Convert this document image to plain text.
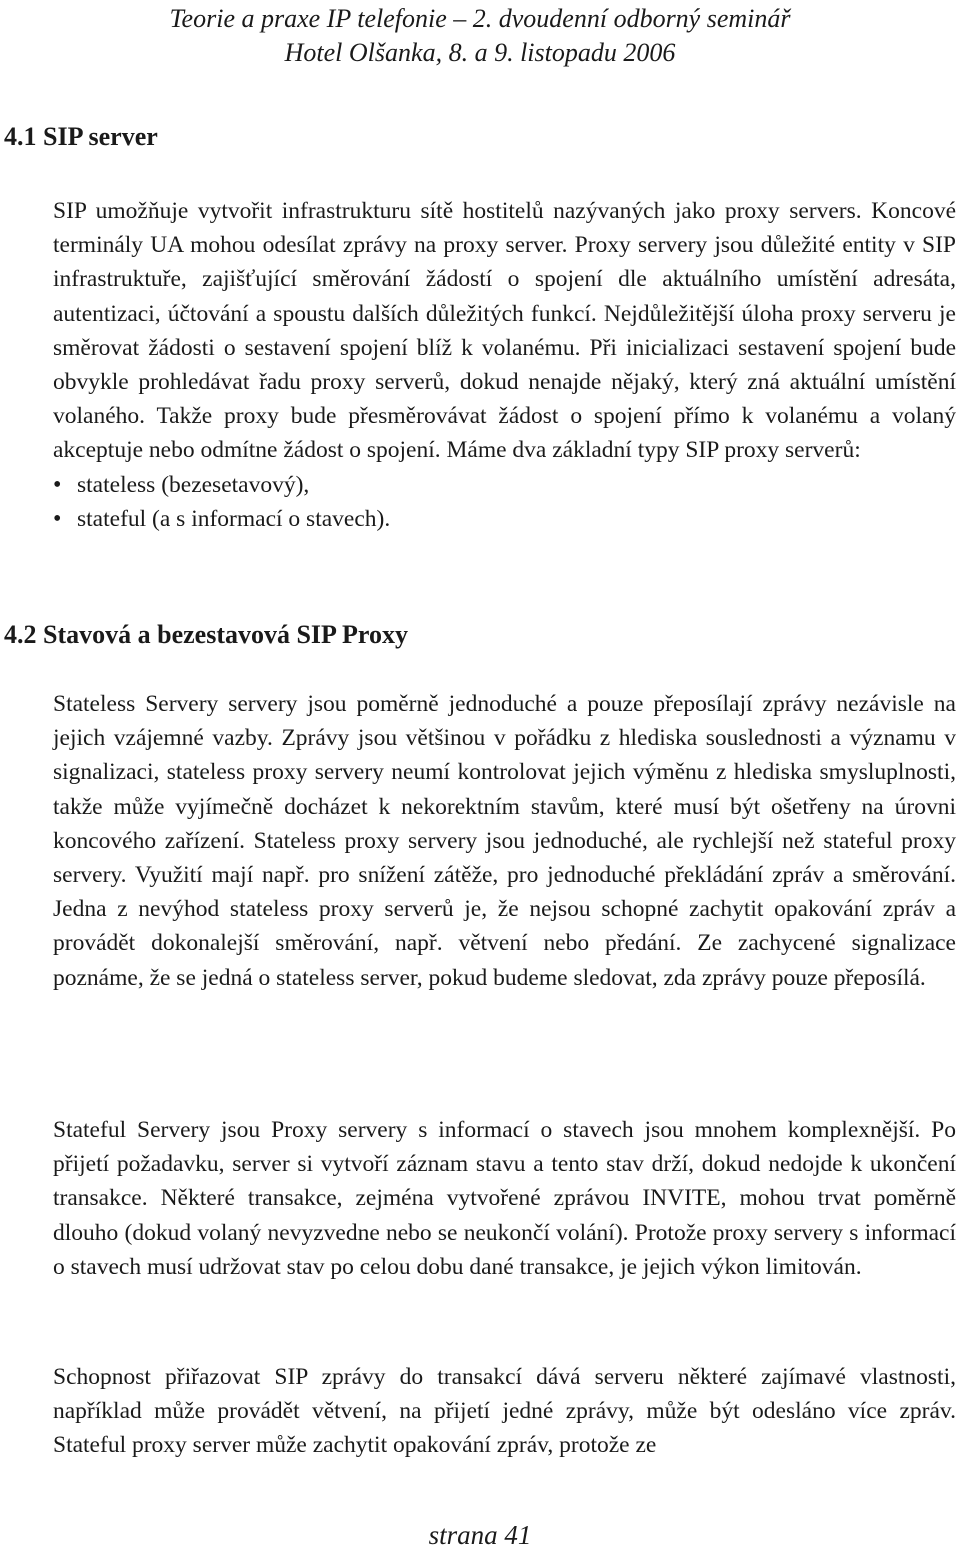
Teorie a praxe IP telefonie – 2. dvoudenní odborný seminář
Hotel Olšanka, 8. a 9. listopadu 2006
4.1 SIP server

SIP umožňuje vytvořit infrastrukturu sítě hostitelů nazývaných jako proxy servers. Koncové terminály UA mohou odesílat zprávy na proxy server. Proxy servery jsou důležité entity v SIP infrastruktuře, zajišťující směrování žádostí o spojení dle aktuálního umístění adresáta, autentizaci, účtování a spoustu dalších důležitých funkcí. Nejdůležitější úloha proxy serveru je směrovat žádosti o sestavení spojení blíž k volanému. Při inicializaci sestavení spojení bude obvykle prohledávat řadu proxy serverů, dokud nenajde nějaký, který zná aktuální umístění volaného. Takže proxy bude přesměrovávat žádost o spojení přímo k volanému a volaný akceptuje nebo odmítne žádost o spojení. Máme dva základní typy SIP proxy serverů:

• stateless (bezesetavový),
• stateful (a s informací o stavech).
4.2 Stavová a bezestavová SIP Proxy

Stateless Servery servery jsou poměrně jednoduché a pouze přeposílají zprávy nezávisle na jejich vzájemné vazby. Zprávy jsou většinou v pořádku z hlediska souslednosti a významu v signalizaci, stateless proxy servery neumí kontrolovat jejich výměnu z hlediska smysluplnosti, takže může vyjímečně docházet k nekorektním stavům, které musí být ošetřeny na úrovni koncového zařízení. Stateless proxy servery jsou jednoduché, ale rychlejší než stateful proxy servery. Využití mají např. pro snížení zátěže, pro jednoduché překládání zpráv a směrování. Jedna z nevýhod stateless proxy serverů je, že nejsou schopné zachytit opakování zpráv a provádět dokonalejší směrování, např. větvení nebo předání. Ze zachycené signalizace poznáme, že se jedná o stateless server, pokud budeme sledovat, zda zprávy pouze přeposílá.

Stateful Servery jsou Proxy servery s informací o stavech jsou mnohem komplexnější. Po přijetí požadavku, server si vytvoří záznam stavu a tento stav drží, dokud nedojde k ukončení transakce. Některé transakce, zejména vytvořené zprávou INVITE, mohou trvat poměrně dlouho (dokud volaný nevyzvedne nebo se neukončí volání). Protože proxy servery s informací o stavech musí udržovat stav po celou dobu dané transakce, je jejich výkon limitován.

Schopnost přiřazovat SIP zprávy do transakcí dává serveru některé zajímavé vlastnosti, například může provádět větvení, na přijetí jedné zprávy, může být odesláno více zpráv. Stateful proxy server může zachytit opakování zpráv, protože ze

strana 41
